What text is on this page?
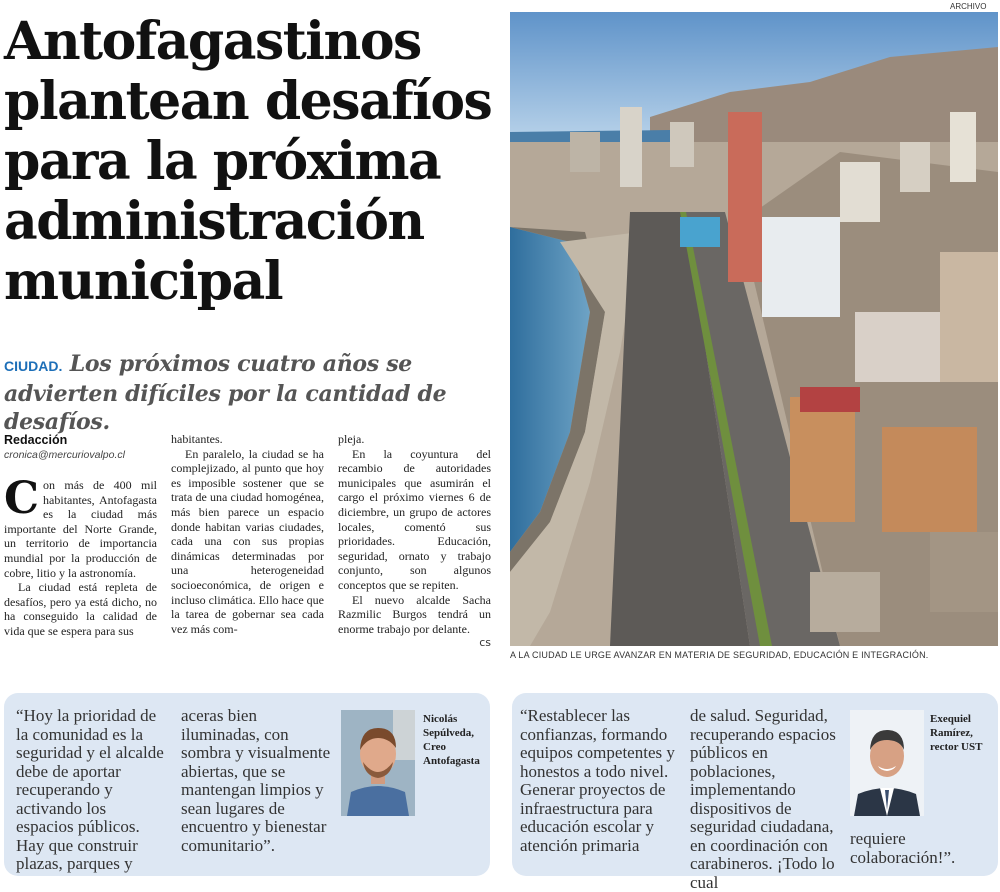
Antofagastinos
plantean desafíos
para la próxima
administración
municipal
CIUDAD. Los próximos cuatro años se advierten difíciles por la cantidad de desafíos.
Redacción
cronica@mercuriovalpo.cl

Con más de 400 mil habitantes, Antofagasta es la ciudad más importante del Norte Grande, un territorio de importancia mundial por la producción de cobre, litio y la astronomía.

La ciudad está repleta de desafíos, pero ya está dicho, no ha conseguido la calidad de vida que se espera para sus

habitantes.

En paralelo, la ciudad se ha complejizado, al punto que hoy es imposible sostener que se trata de una ciudad homogénea, más bien parece un espacio donde habitan varias ciudades, cada una con sus propias dinámicas determinadas por una heterogeneidad socioeconómica, de origen e incluso climática. Ello hace que la tarea de gobernar sea cada vez más com-

pleja.

En la coyuntura del recambio de autoridades municipales que asumirán el cargo el próximo viernes 6 de diciembre, un grupo de actores locales, comentó sus prioridades. Educación, seguridad, ornato y trabajo conjunto, son algunos conceptos que se repiten.

El nuevo alcalde Sacha Razmilic Burgos tendrá un enorme trabajo por delante.
cs

ARCHIVO
A LA CIUDAD LE URGE AVANZAR EN MATERIA DE SEGURIDAD, EDUCACIÓN E INTEGRACIÓN.
“Hoy la prioridad de la comunidad es la seguridad y el alcalde debe de aportar recuperando y activando los espacios públicos. Hay que construir plazas, parques y
aceras bien iluminadas, con sombra y visualmente abiertas, que se mantengan limpios y sean lugares de encuentro y bienestar comunitario”.
Nicolás Sepúlveda,
Creo Antofagasta
“Restablecer las confianzas, formando equipos competentes y honestos a todo nivel. Generar proyectos de infraestructura para educación escolar y atención primaria
de salud. Seguridad, recuperando espacios públicos en poblaciones, implementando dispositivos de seguridad ciudadana, en coordinación con carabineros. ¡Todo lo cual
Exequiel Ramírez,
rector UST
requiere colaboración!”.
